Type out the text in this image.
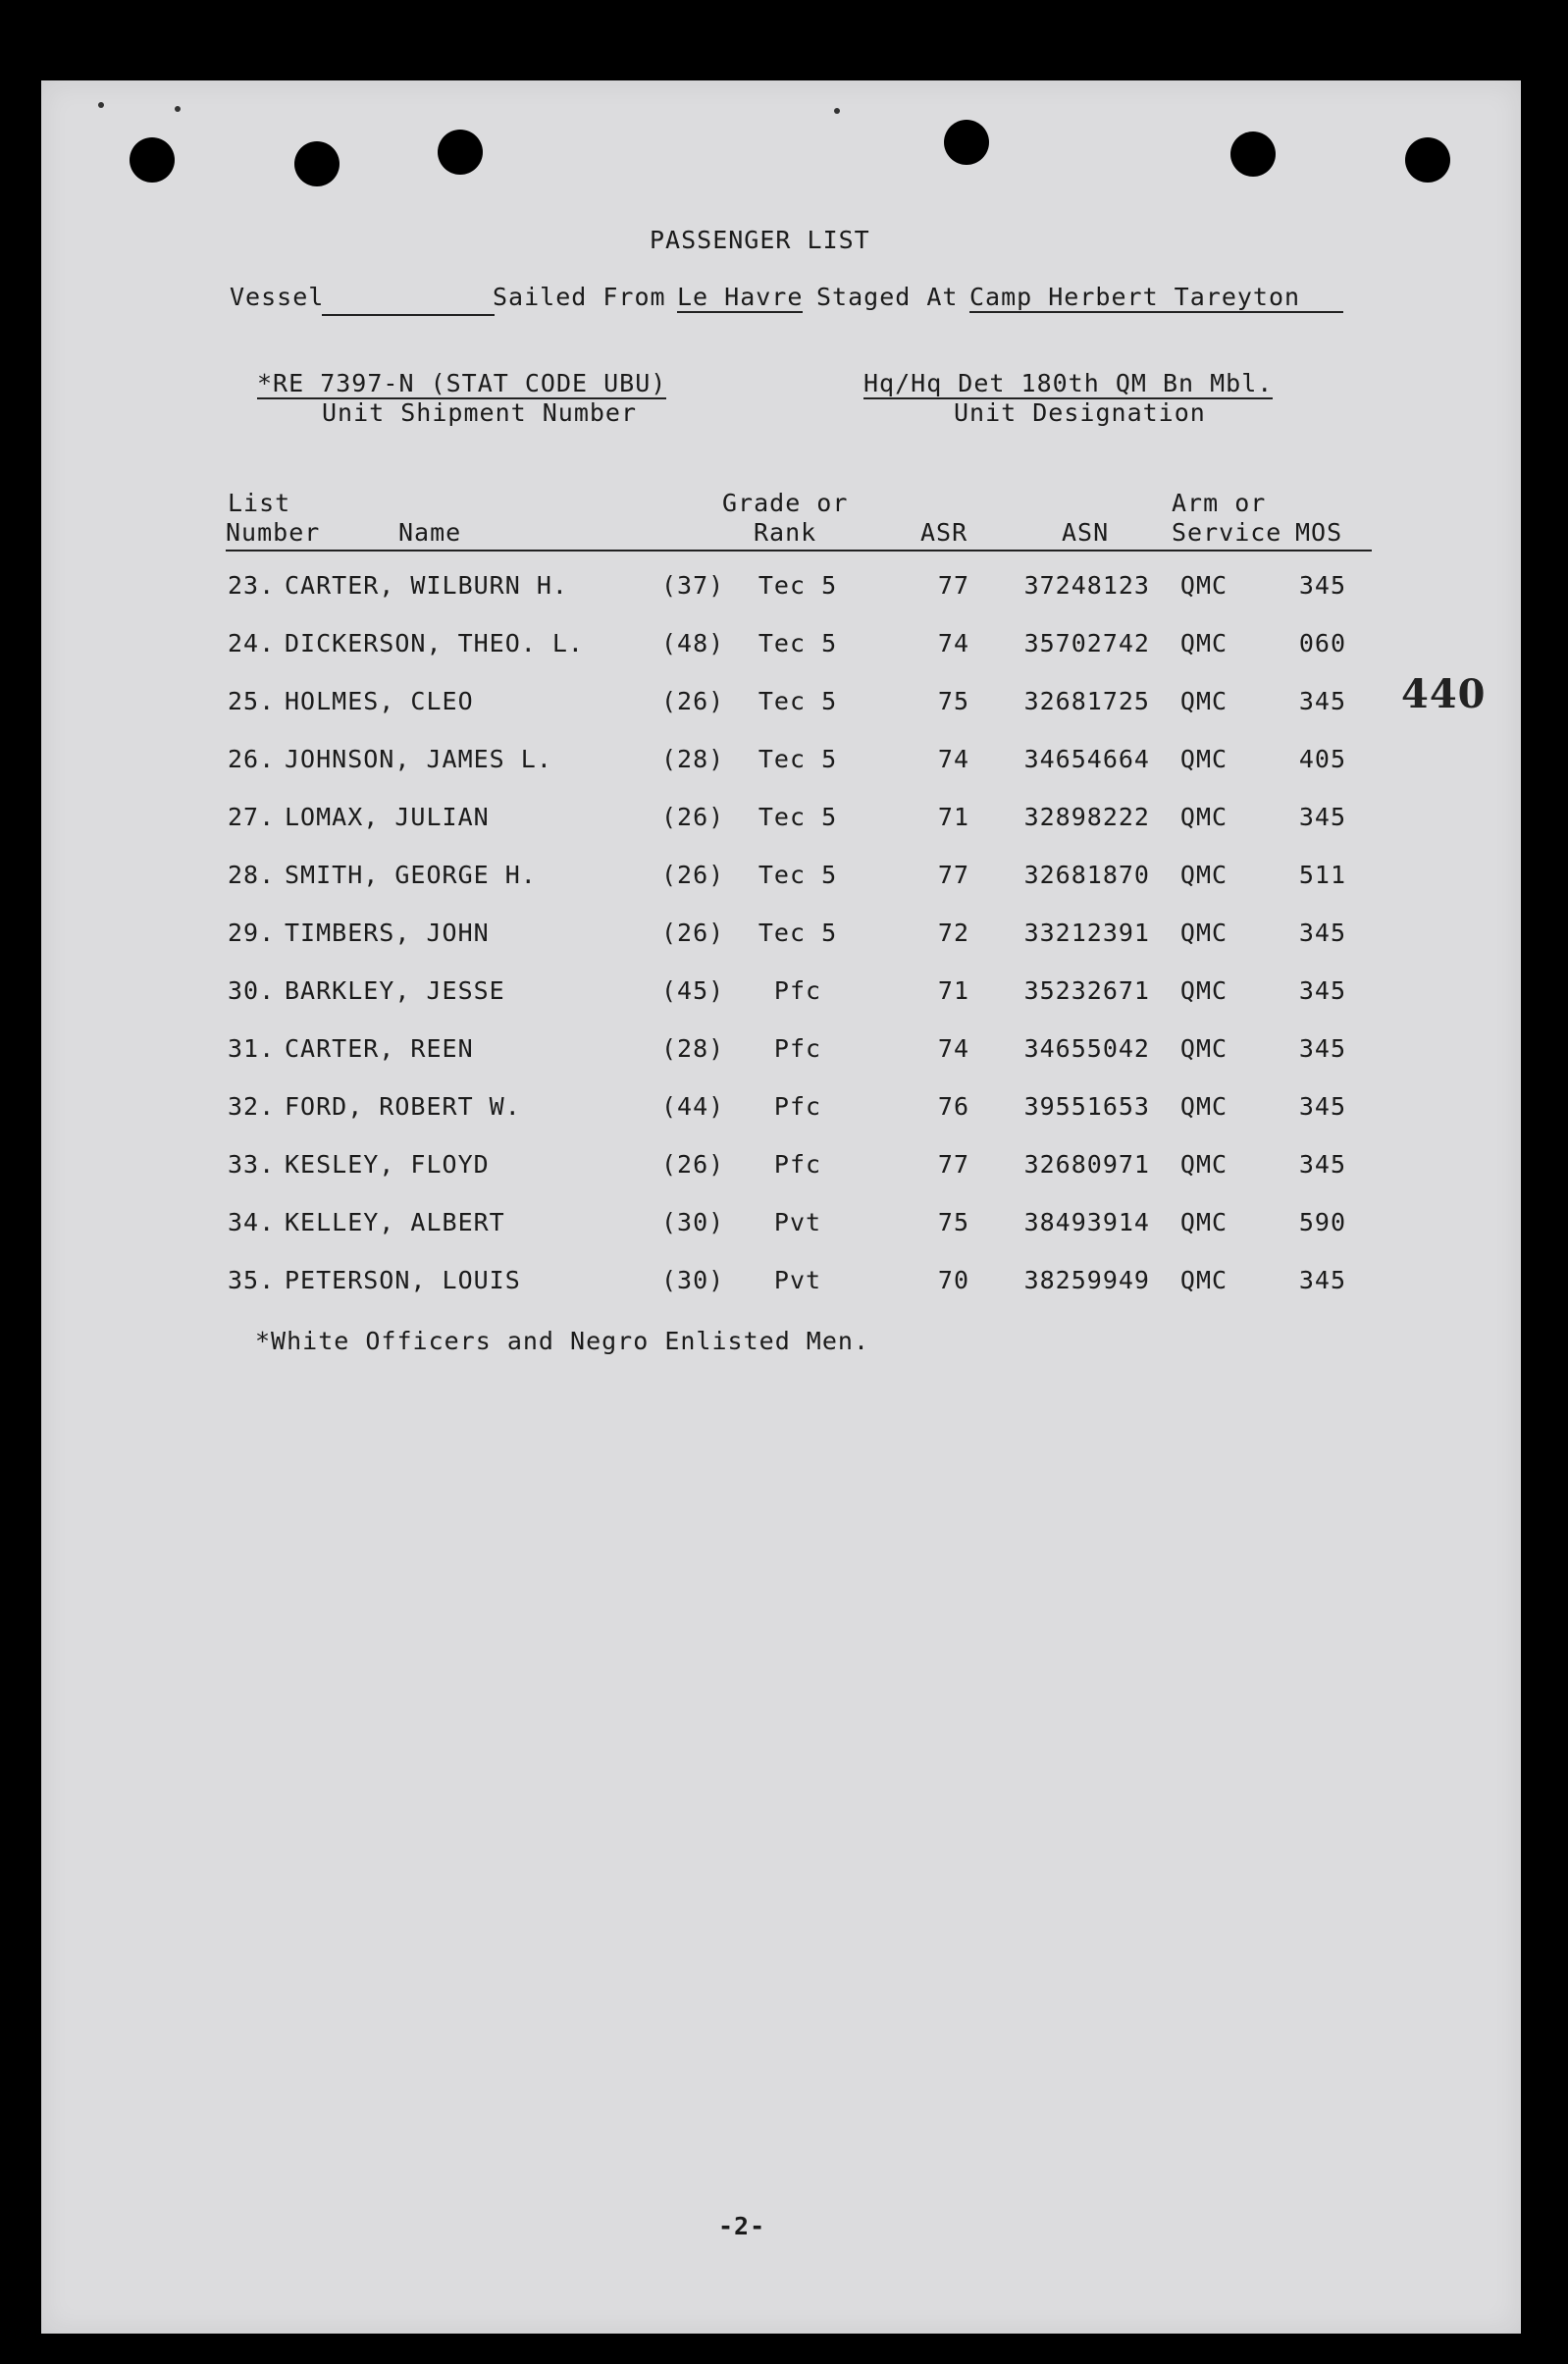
PASSENGER LIST
Vessel	Sailed From Le Havre Staged At Camp Herbert Tareyton
*RE 7397-N (STAT CODE UBU)
Unit Shipment Number
Hq/Hq Det 180th QM Bn Mbl.
Unit Designation
List
Number	Name
Grade or
Rank	ASR	ASN
Arm or
Service MOS
23. CARTER, WILBURN H.	(37)	Tec 5	77	37248123	QMC	345
24. DICKERSON, THEO. L.	(48)	Tec 5	74	35702742	QMC	060
25. HOLMES, CLEO	(26)	Tec 5	75	32681725	QMC	345
26. JOHNSON, JAMES L.	(28)	Tec 5	74	34654664	QMC	405
27. LOMAX, JULIAN	(26)	Tec 5	71	32898222	QMC	345
28. SMITH, GEORGE H.	(26)	Tec 5	77	32681870	QMC	511
29. TIMBERS, JOHN	(26)	Tec 5	72	33212391	QMC	345
30. BARKLEY, JESSE	(45)	Pfc	71	35232671	QMC	345
31. CARTER, REEN	(28)	Pfc	74	34655042	QMC	345
32. FORD, ROBERT W.	(44)	Pfc	76	39551653	QMC	345
33. KESLEY, FLOYD	(26)	Pfc	77	32680971	QMC	345
34. KELLEY, ALBERT	(30)	Pvt	75	38493914	QMC	590
35. PETERSON, LOUIS	(30)	Pvt	70	38259949	QMC	345
*White Officers and Negro Enlisted Men.
-2-
440
